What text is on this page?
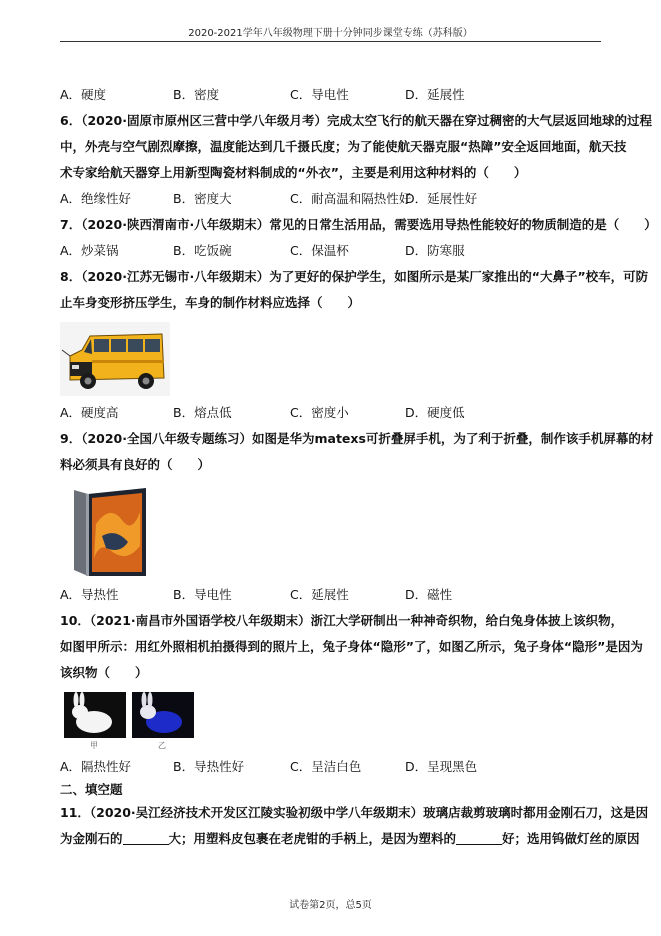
2020-2021学年八年级物理下册十分钟同步课堂专练（苏科版）
A．硬度	B．密度	C．导电性	D．延展性
6．（2020·固原市原州区三营中学八年级月考）完成太空飞行的航天器在穿过稠密的大气层返回地球的过程
中，外壳与空气剧烈摩擦，温度能达到几千摄氏度；为了能使航天器克服“热障”安全返回地面，航天技
术专家给航天器穿上用新型陶瓷材料制成的“外衣”，主要是利用这种材料的（　　）
A．绝缘性好	B．密度大	C．耐高温和隔热性好
D．延展性好
7．（2020·陕西渭南市·八年级期末）常见的日常生活用品，需要选用导热性能较好的物质制造的是（　　）
A．炒菜锅	B．吃饭碗	C．保温杯	D．防寒服
8．（2020·江苏无锡市·八年级期末）为了更好的保护学生，如图所示是某厂家推出的“大鼻子”校车，可防
止车身变形挤压学生，车身的制作材料应选择（　　）
A．硬度高	B．熔点低	C．密度小	D．硬度低
9．（2020·全国八年级专题练习）如图是华为matexs可折叠屏手机，为了利于折叠，制作该手机屏幕的材
料必须具有良好的（　　）
A．导热性	B．导电性	C．延展性	D．磁性
10．（2021·南昌市外国语学校八年级期末）浙江大学研制出一种神奇织物，给白兔身体披上该织物，
如图甲所示：用红外照相机拍摄得到的照片上，兔子身体“隐形”了，如图乙所示，兔子身体“隐形”是因为
该织物（　　）
甲	乙
A．隔热性好	B．导热性好	C．呈洁白色	D．呈现黑色
二、填空题
11．（2020·吴江经济技术开发区江陵实验初级中学八年级期末）玻璃店裁剪玻璃时都用金刚石刀，这是因
为金刚石的	大；用塑料皮包裹在老虎钳的手柄上，是因为塑料的	好；选用钨做灯丝的原因
试卷第2页，总5页
